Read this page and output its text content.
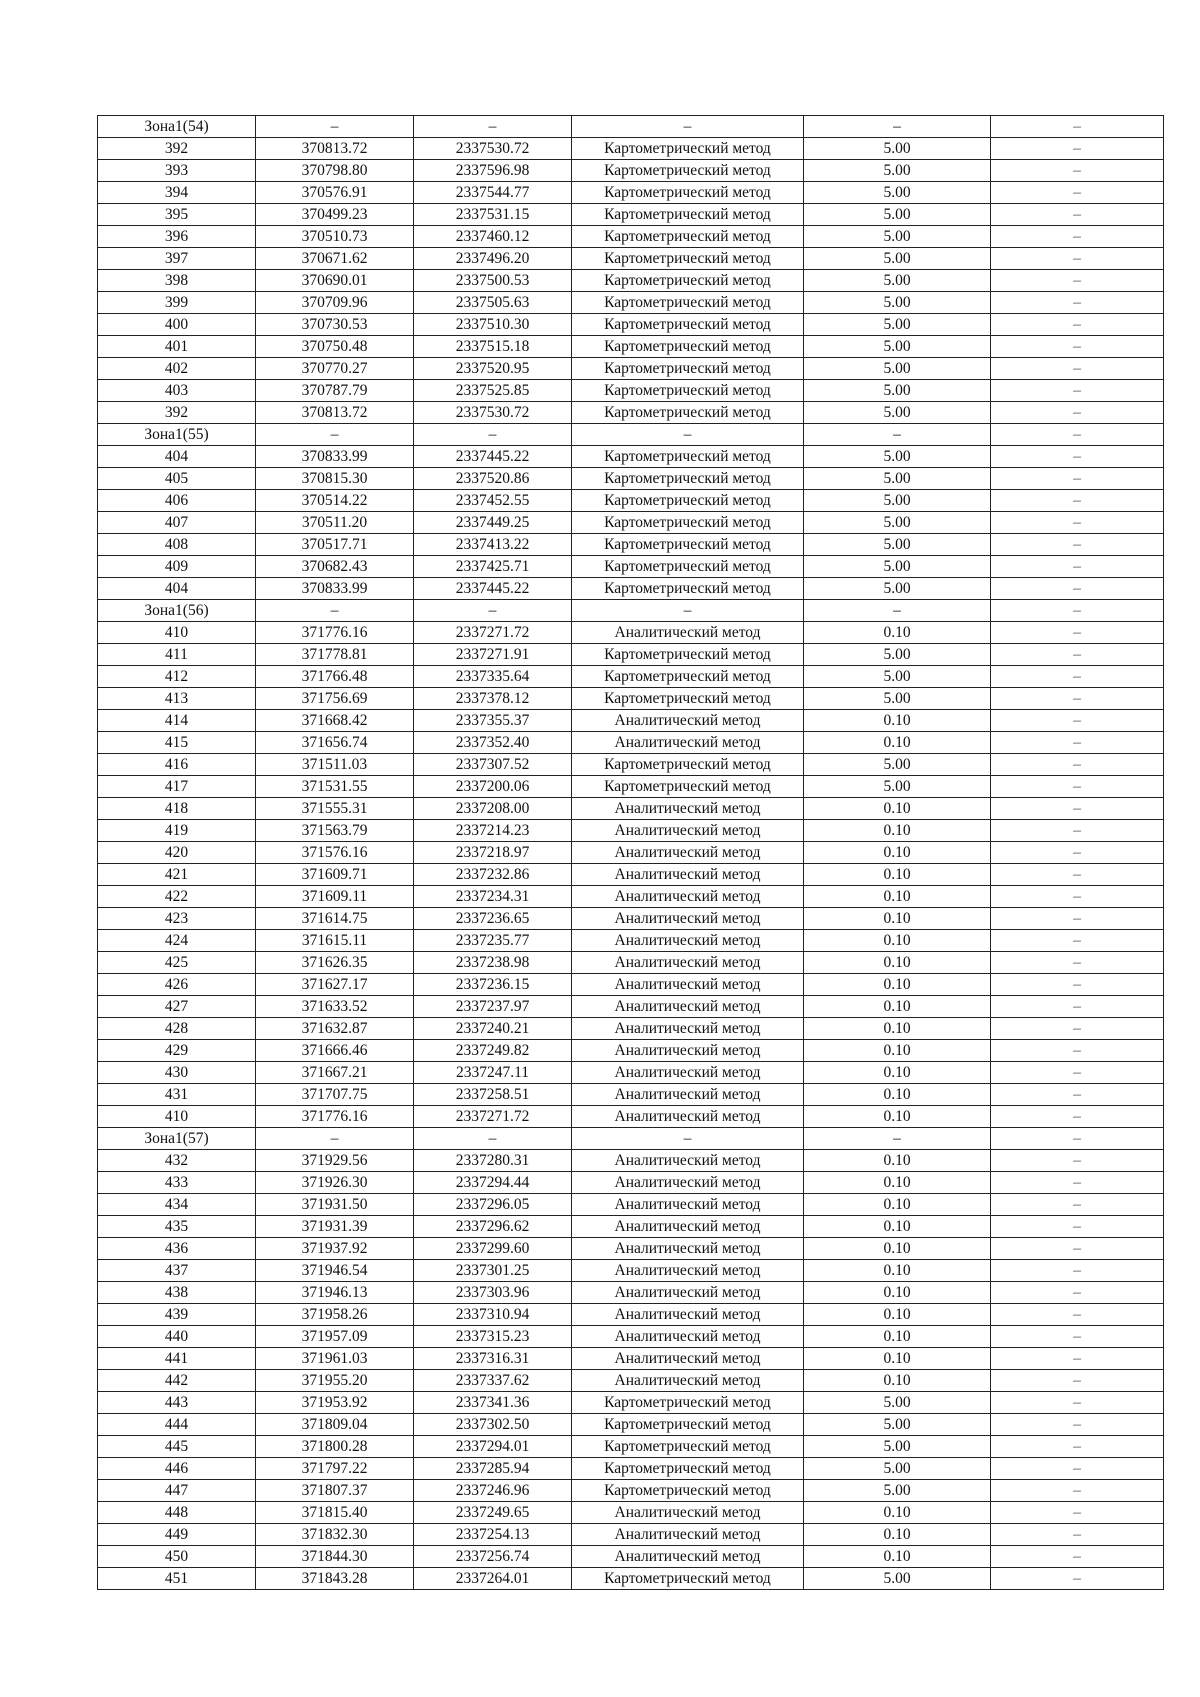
Зона1(54)	–	–	–	–	–
392	370813.72	2337530.72	Картометрический метод	5.00	–
393	370798.80	2337596.98	Картометрический метод	5.00	–
394	370576.91	2337544.77	Картометрический метод	5.00	–
395	370499.23	2337531.15	Картометрический метод	5.00	–
396	370510.73	2337460.12	Картометрический метод	5.00	–
397	370671.62	2337496.20	Картометрический метод	5.00	–
398	370690.01	2337500.53	Картометрический метод	5.00	–
399	370709.96	2337505.63	Картометрический метод	5.00	–
400	370730.53	2337510.30	Картометрический метод	5.00	–
401	370750.48	2337515.18	Картометрический метод	5.00	–
402	370770.27	2337520.95	Картометрический метод	5.00	–
403	370787.79	2337525.85	Картометрический метод	5.00	–
392	370813.72	2337530.72	Картометрический метод	5.00	–
Зона1(55)	–	–	–	–	–
404	370833.99	2337445.22	Картометрический метод	5.00	–
405	370815.30	2337520.86	Картометрический метод	5.00	–
406	370514.22	2337452.55	Картометрический метод	5.00	–
407	370511.20	2337449.25	Картометрический метод	5.00	–
408	370517.71	2337413.22	Картометрический метод	5.00	–
409	370682.43	2337425.71	Картометрический метод	5.00	–
404	370833.99	2337445.22	Картометрический метод	5.00	–
Зона1(56)	–	–	–	–	–
410	371776.16	2337271.72	Аналитический метод	0.10	–
411	371778.81	2337271.91	Картометрический метод	5.00	–
412	371766.48	2337335.64	Картометрический метод	5.00	–
413	371756.69	2337378.12	Картометрический метод	5.00	–
414	371668.42	2337355.37	Аналитический метод	0.10	–
415	371656.74	2337352.40	Аналитический метод	0.10	–
416	371511.03	2337307.52	Картометрический метод	5.00	–
417	371531.55	2337200.06	Картометрический метод	5.00	–
418	371555.31	2337208.00	Аналитический метод	0.10	–
419	371563.79	2337214.23	Аналитический метод	0.10	–
420	371576.16	2337218.97	Аналитический метод	0.10	–
421	371609.71	2337232.86	Аналитический метод	0.10	–
422	371609.11	2337234.31	Аналитический метод	0.10	–
423	371614.75	2337236.65	Аналитический метод	0.10	–
424	371615.11	2337235.77	Аналитический метод	0.10	–
425	371626.35	2337238.98	Аналитический метод	0.10	–
426	371627.17	2337236.15	Аналитический метод	0.10	–
427	371633.52	2337237.97	Аналитический метод	0.10	–
428	371632.87	2337240.21	Аналитический метод	0.10	–
429	371666.46	2337249.82	Аналитический метод	0.10	–
430	371667.21	2337247.11	Аналитический метод	0.10	–
431	371707.75	2337258.51	Аналитический метод	0.10	–
410	371776.16	2337271.72	Аналитический метод	0.10	–
Зона1(57)	–	–	–	–	–
432	371929.56	2337280.31	Аналитический метод	0.10	–
433	371926.30	2337294.44	Аналитический метод	0.10	–
434	371931.50	2337296.05	Аналитический метод	0.10	–
435	371931.39	2337296.62	Аналитический метод	0.10	–
436	371937.92	2337299.60	Аналитический метод	0.10	–
437	371946.54	2337301.25	Аналитический метод	0.10	–
438	371946.13	2337303.96	Аналитический метод	0.10	–
439	371958.26	2337310.94	Аналитический метод	0.10	–
440	371957.09	2337315.23	Аналитический метод	0.10	–
441	371961.03	2337316.31	Аналитический метод	0.10	–
442	371955.20	2337337.62	Аналитический метод	0.10	–
443	371953.92	2337341.36	Картометрический метод	5.00	–
444	371809.04	2337302.50	Картометрический метод	5.00	–
445	371800.28	2337294.01	Картометрический метод	5.00	–
446	371797.22	2337285.94	Картометрический метод	5.00	–
447	371807.37	2337246.96	Картометрический метод	5.00	–
448	371815.40	2337249.65	Аналитический метод	0.10	–
449	371832.30	2337254.13	Аналитический метод	0.10	–
450	371844.30	2337256.74	Аналитический метод	0.10	–
451	371843.28	2337264.01	Картометрический метод	5.00	–
